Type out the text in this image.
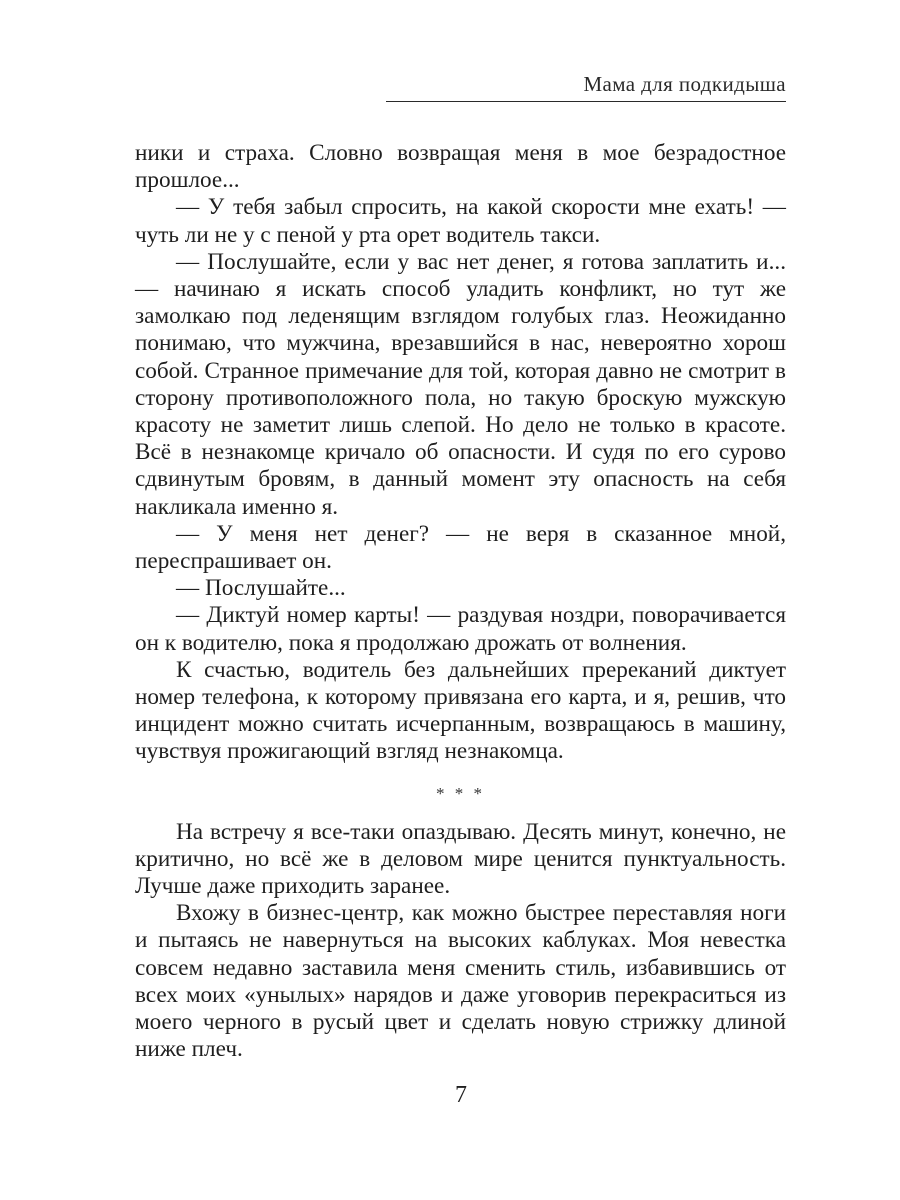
Мама для подкидыша

ники и страха. Словно возвращая меня в мое безрадостное прошлое...

— У тебя забыл спросить, на какой скорости мне ехать! — чуть ли не у с пеной у рта орет водитель такси.

— Послушайте, если у вас нет денег, я готова заплатить и... — начинаю я искать способ уладить конфликт, но тут же замолкаю под леденящим взглядом голубых глаз. Неожиданно понимаю, что мужчина, врезавшийся в нас, невероятно хорош собой. Странное примечание для той, которая давно не смотрит в сторону противоположного пола, но такую броскую мужскую красоту не заметит лишь слепой. Но дело не только в красоте. Всё в незнакомце кричало об опасности. И судя по его сурово сдвинутым бровям, в данный момент эту опасность на себя накликала именно я.

— У меня нет денег? — не веря в сказанное мной, переспрашивает он.

— Послушайте...

— Диктуй номер карты! — раздувая ноздри, поворачивается он к водителю, пока я продолжаю дрожать от волнения.

К счастью, водитель без дальнейших пререканий диктует номер телефона, к которому привязана его карта, и я, решив, что инцидент можно считать исчерпанным, возвращаюсь в машину, чувствуя прожигающий взгляд незнакомца.

* * *

На встречу я все-таки опаздываю. Десять минут, конечно, не критично, но всё же в деловом мире ценится пунктуальность. Лучше даже приходить заранее.

Вхожу в бизнес-центр, как можно быстрее переставляя ноги и пытаясь не навернуться на высоких каблуках. Моя невестка совсем недавно заставила меня сменить стиль, избавившись от всех моих «унылых» нарядов и даже уговорив перекраситься из моего черного в русый цвет и сделать новую стрижку длиной ниже плеч.

7
